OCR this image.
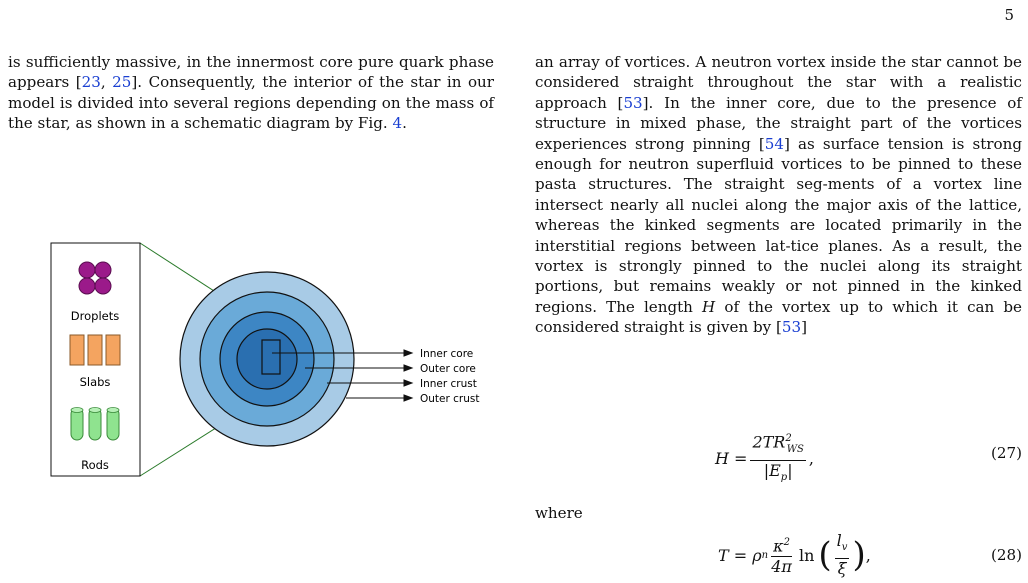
5
is sufficiently massive, in the innermost core pure quark phase appears [23, 25]. Consequently, the interior of the star in our model is divided into several regions depending on the mass of the star, as shown in a schematic diagram by Fig. 4.
Droplets
Slabs
Rods
Inner core
Outer core
Inner crust
Outer crust
an array of vortices. A neutron vortex inside the star cannot be considered straight throughout the star with a realistic approach [53]. In the inner core, due to the presence of structure in mixed phase, the straight part of the vortices experiences strong pinning [54] as surface tension is strong enough for neutron superfluid vortices to be pinned to these pasta structures. The straight seg-ments of a vortex line intersect nearly all nuclei along the major axis of the lattice, whereas the kinked segments are located primarily in the interstitial regions between lat-tice planes. As a result, the vortex is strongly pinned to the nuclei along its straight portions, but remains weakly or not pinned in the kinked regions. The length H of the vortex up to which it can be considered straight is given by [53]
$H = \frac{2TR^2_{WS}}{|E_p|}$ ,	(27)
where
T = ρ n $\frac{\kappa^2}{4\pi}$ ln ( $\frac{l_v}{\xi}$ ) ,	(28)
